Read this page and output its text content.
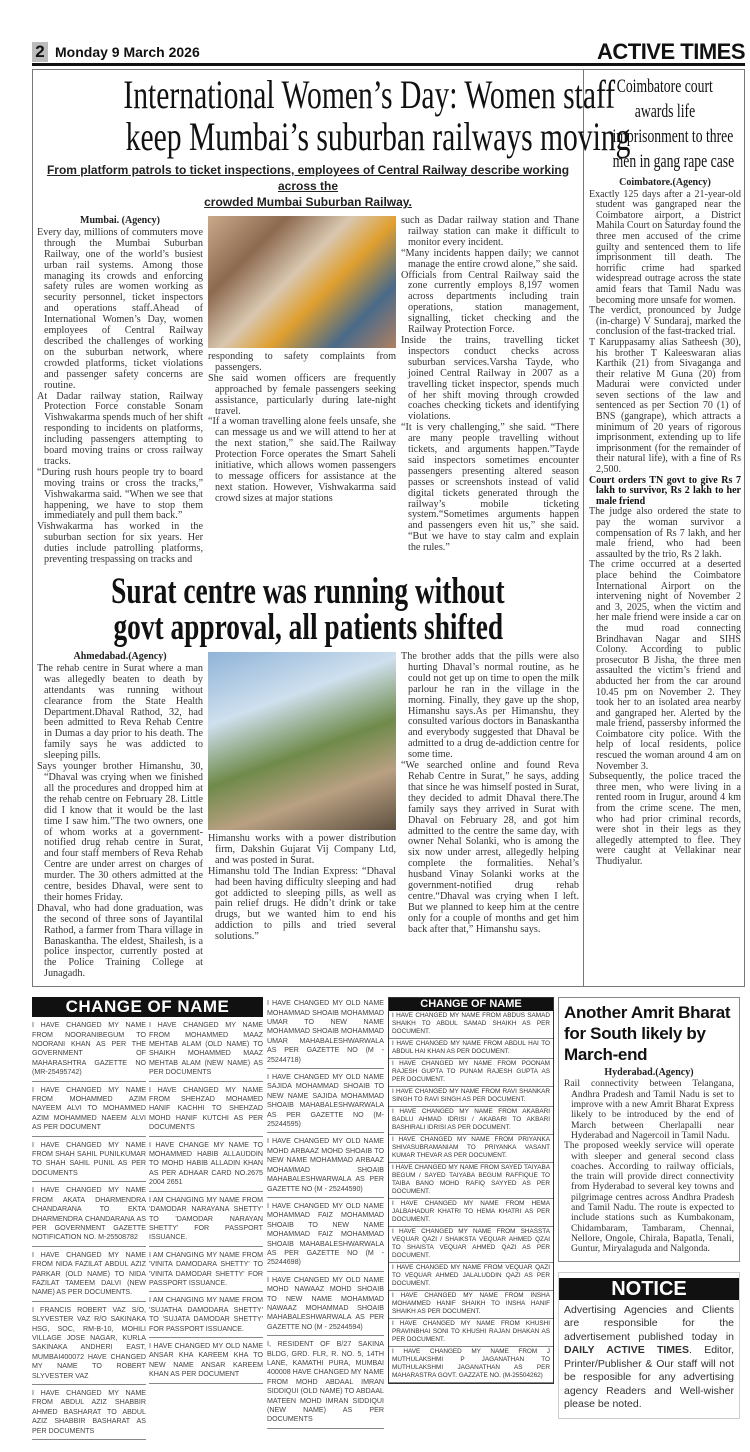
2 Monday 9 March 2026	ACTIVE TIMES
International Women’s Day: Women staff
keep Mumbai’s suburban railways moving
From platform patrols to ticket inspections, employees of Central Railway describe working across the
crowded Mumbai Suburban Railway.

Mumbai. (Agency)

Every day, millions of commuters move through the Mumbai Suburban Railway, one of the world’s busiest urban rail systems. Among those managing its crowds and enforcing safety rules are women working as security personnel, ticket inspectors and operations staff.Ahead of International Women’s Day, women employees of Central Railway described the challenges of working on the suburban network, where crowded platforms, ticket violations and passenger safety concerns are routine.

At Dadar railway station, Railway Protection Force constable Sonam Vishwakarma spends much of her shift responding to incidents on platforms, including passengers attempting to board moving trains or cross railway tracks.

“During rush hours people try to board moving trains or cross the tracks,” Vishwakarma said. “When we see that happening, we have to stop them immediately and pull them back.”

Vishwakarma has worked in the suburban section for six years. Her duties include patrolling platforms, preventing trespassing on tracks and

responding to safety complaints from passengers.

She said women officers are frequently approached by female passengers seeking assistance, particularly during late-night travel.

“If a woman travelling alone feels unsafe, she can message us and we will attend to her at the next station,” she said.The Railway Protection Force operates the Smart Saheli initiative, which allows women passengers to message officers for assistance at the next station. However, Vishwakarma said crowd sizes at major stations

such as Dadar railway station and Thane railway station can make it difficult to monitor every incident.

“Many incidents happen daily; we cannot manage the entire crowd alone,” she said.

Officials from Central Railway said the zone currently employs 8,197 women across departments including train operations, station management, signalling, ticket checking and the Railway Protection Force.

Inside the trains, travelling ticket inspectors conduct checks across suburban services.Varsha Tayde, who joined Central Railway in 2007 as a travelling ticket inspector, spends much of her shift moving through crowded coaches checking tickets and identifying violations.

“It is very challenging,” she said. “There are many people travelling without tickets, and arguments happen.”Tayde said inspectors sometimes encounter passengers presenting altered season passes or screenshots instead of valid digital tickets generated through the railway’s mobile ticketing system.“Sometimes arguments happen and passengers even hit us,” she said. “But we have to stay calm and explain the rules.”

Surat centre was running without
govt approval, all patients shifted

Ahmedabad.(Agency)

The rehab centre in Surat where a man was allegedly beaten to death by attendants was running without clearance from the State Health Department.Dhaval Rathod, 32, had been admitted to Reva Rehab Centre in Dumas a day prior to his death. The family says he was addicted to sleeping pills.

Says younger brother Himanshu, 30, “Dhaval was crying when we finished all the procedures and dropped him at the rehab centre on February 28. Little did I know that it would be the last time I saw him.”The two owners, one of whom works at a government-notified drug rehab centre in Surat, and four staff members of Reva Rehab Centre are under arrest on charges of murder. The 30 others admitted at the centre, besides Dhaval, were sent to their homes Friday.

Dhaval, who had done graduation, was the second of three sons of Jayantilal Rathod, a farmer from Thara village in Banaskantha. The eldest, Shailesh, is a police inspector, currently posted at the Police Training College at Junagadh.

Himanshu works with a power distribution firm, Dakshin Gujarat Vij Company Ltd, and was posted in Surat.

Himanshu told The Indian Express: “Dhaval had been having difficulty sleeping and had got addicted to sleeping pills, as well as pain relief drugs. He didn’t drink or take drugs, but we wanted him to end his addiction to pills and tried several solutions.”

The brother adds that the pills were also hurting Dhaval’s normal routine, as he could not get up on time to open the milk parlour he ran in the village in the morning. Finally, they gave up the shop, Himanshu says.As per Himanshu, they consulted various doctors in Banaskantha and everybody suggested that Dhaval be admitted to a drug de-addiction centre for some time.

“We searched online and found Reva Rehab Centre in Surat,” he says, adding that since he was himself posted in Surat, they decided to admit Dhaval there.The family says they arrived in Surat with Dhaval on February 28, and got him admitted to the centre the same day, with owner Nehal Solanki, who is among the six now under arrest, allegedly helping complete the formalities. Nehal’s husband Vinay Solanki works at the government-notified drug rehab centre.“Dhaval was crying when I left. But we planned to keep him at the centre only for a couple of months and get him back after that,” Himanshu says.

Coimbatore court
awards life
imprisonment to three
men in gang rape case

Coimbatore.(Agency)

Exactly 125 days after a 21-year-old student was gangraped near the Coimbatore airport, a District Mahila Court on Saturday found the three men accused of the crime guilty and sentenced them to life imprisonment till death. The horrific crime had sparked widespread outrage across the state amid fears that Tamil Nadu was becoming more unsafe for women.

The verdict, pronounced by Judge (in-charge) V Sundaraj, marked the conclusion of the fast-tracked trial.

T Karuppasamy alias Satheesh (30), his brother T Kaleeswaran alias Karthik (21) from Sivaganga and their relative M Guna (20) from Madurai were convicted under seven sections of the law and sentenced as per Section 70 (1) of BNS (gangrape), which attracts a minimum of 20 years of rigorous imprisonment, extending up to life imprisonment (for the remainder of their natural life), with a fine of Rs 2,500.

Court orders TN govt to give Rs 7 lakh to survivor, Rs 2 lakh to her male friend

The judge also ordered the state to pay the woman survivor a compensation of Rs 7 lakh, and her male friend, who had been assaulted by the trio, Rs 2 lakh.

The crime occurred at a deserted place behind the Coimbatore International Airport on the intervening night of November 2 and 3, 2025, when the victim and her male friend were inside a car on the mud road connecting Brindhavan Nagar and SIHS Colony. According to public prosecutor B Jisha, the three men assaulted the victim’s friend and abducted her from the car around 10.45 pm on November 2. They took her to an isolated area nearby and gangraped her. Alerted by the male friend, passersby informed the Coimbatore city police. With the help of local residents, police rescued the woman around 4 am on November 3.

Subsequently, the police traced the three men, who were living in a rented room in Irugur, around 4 km from the crime scene. The men, who had prior criminal records, were shot in their legs as they allegedly attempted to flee. They were caught at Vellakinar near Thudiyalur.

CHANGE OF NAME

I HAVE CHANGED MY NAME FROM NOORANIBEGUM TO NOORANI KHAN AS PER THE GOVERNMENT OF MAHARASHTRA GAZETTE NO (MR-25495742)

I HAVE CHANGED MY NAME FROM MOHAMMED AZIM NAYEEM ALVI TO MOHAMMED AZIM MOHAMMED NAEEM ALVI AS PER DOCUMENT

I HAVE CHANGED MY NAME FROM SHAH SAHIL PUNILKUMAR TO SHAH SAHIL PUNIL AS PER DOCUMENTS

I HAVE CHANGED MY NAME FROM AKATA DHARMENDRA CHANDARANA TO EKTA DHARMENDRA CHANDARANA AS PER GOVERNMENT GAZETTE NOTIFICATION NO. M-25508782

I HAVE CHANGED MY NAME FROM NIDA FAZILAT ABDUL AZIZ PARKAR (OLD NAME) TO NIDA FAZILAT TAMEEM DALVI (NEW NAME) AS PER DOCUMENTS.

I FRANCIS ROBERT VAZ S/O, SLYVESTER VAZ R/O SAKINAKA HSG, SOC, RM-B-10, MOHILI VILLAGE JOSE NAGAR, KURLA SAKINAKA ANDHERI EAST, MUMBAI400072 HAVE CHANGED MY NAME TO ROBERT SLYVESTER VAZ

I HAVE CHANGED MY NAME FROM ABDUL AZIZ SHABBIR AHMED BASHARAT TO ABDUL AZIZ SHABBIR BASHARAT AS PER DOCUMENTS

I HAVE CHANGED MY NAME FROM MOHAMMED MAAZ MEHTAB ALAM (OLD NAME) TO SHAIKH MOHAMMED MAAZ MEHTAB ALAM (NEW NAME) AS PER DOCUMENTS

I HAVE CHANGED MY NAME FROM SHEHZAD MOHAMED HANIF KACHHI TO SHEHZAD MOHD HANIF KUTCHI AS PER DOCUMENTS

I HAVE CHANGE MY NAME TO MOHAMMED HABIB ALLAUDDIN TO MOHD HABIB ALLADIN KHAN AS PER ADHAAR CARD NO.2675 2004 2651

I AM CHANGING MY NAME FROM 'DAMODAR NARAYANA SHETTY' TO 'DAMODAR NARAYAN SHETTY' FOR PASSPORT ISSUANCE.

I AM CHANGING MY NAME FROM 'VINITA DAMODARA SHETTY' TO 'VINITA DAMODAR SHETTY' FOR PASSPORT ISSUANCE.

I AM CHANGING MY NAME FROM 'SUJATHA DAMODARA SHETTY' TO 'SUJATA DAMODAR SHETTY' FOR PASSPORT ISSUANCE.

I HAVE CHANGED MY OLD NAME ANSAR KHA KAREEM KHA TO NEW NAME ANSAR KAREEM KHAN AS PER DOCUMENT

I HAVE CHANGED MY OLD NAME MOHAMMAD SHOAIB MOHAMMAD UMAR TO NEW NAME MOHAMMAD SHOAIB MOHAMMAD UMAR MAHABALESHWARWALA AS PER GAZETTE NO (M - 25244718)

I HAVE CHANGED MY OLD NAME SAJIDA MOHAMMAD SHOAIB TO NEW NAME SAJIDA MOHAMMAD SHOAIB MAHABALESHWARWALA AS PER GAZETTE NO (M-25244595)

I HAVE CHANGED MY OLD NAME MOHD ARBAAZ MOHD SHOAIB TO NEW NAME MOHAMMAD ARBAAZ MOHAMMAD SHOAIB MAHABALESHWARWALA AS PER GAZETTE NO (M - 25244590)

I HAVE CHANGED MY OLD NAME MOHAMMAD FAIZ MOHAMMAD SHOAIB TO NEW NAME MOHAMMAD FAIZ MOHAMMAD SHOAIB MAHABALESHWARWALA AS PER GAZETTE NO (M - 25244698)

I HAVE CHANGED MY OLD NAME MOHD NAWAAZ MOHD SHOAIB TO NEW NAME MOHAMMAD NAWAAZ MOHAMMAD SHOAIB MAHABALESHWARWALA AS PER GAZETTE NO (M - 25244594)

I, RESIDENT OF B/27 SAKINA BLDG, GRD. FLR, R. NO. 5, 14TH LANE, KAMATHI PURA, MUMBAI 400008 HAVE CHANGED MY NAME FROM MOHD ABDAAL IMRAN SIDDIQUI (OLD NAME) TO ABDAAL MATEEN MOHD IMRAN SIDDIQUI (NEW NAME) AS PER DOCUMENTS

CHANGE OF NAME

I HAVE CHANGED MY NAME FROM ABDUS SAMAD SHAIKH TO ABDUL SAMAD SHAIKH AS PER DOCUMENT.

I HAVE CHANGED MY NAME FROM ABDUL HAI TO ABDUL HAI KHAN AS PER DOCUMENT.

I HAVE CHANGED MY NAME FROM POONAM RAJESH GUPTA TO PUNAM RAJESH GUPTA AS PER DOCUMENT.

I HAVE CHANGED MY NAME FROM RAVI SHANKAR SINGH TO RAVI SINGH AS PER DOCUMENT.

I HAVE CHANGED MY NAME FROM AKABARI BADLU AHMAD IDRISI / AKABARI TO AKBARI BASHIRALI IDRISI AS PER DOCUMENT.

I HAVE CHANGED MY NAME FROM PRIYANKA SHIVASUBRAMANIAM TO PRIYANKA VASANT KUMAR THEVAR AS PER DOCUMENT.

I HAVE CHANGED MY NAME FROM SAYED TAIYABA BEGUM / SAYED TAIYABA BEGUM RAFFIQUE TO TAIBA BANO MOHD RAFIQ SAYYED AS PER DOCUMENT.

I HAVE CHANGED MY NAME FROM HEMA JALBAHADUR KHATRI TO HEMA KHATRI AS PER DOCUMENT.

I HAVE CHANGED MY NAME FROM SHASSTA VEQUAR QAZI / SHAIKSTA VEQUAR AHMED QZAI TO SHAISTA VEQUAR AHMED QAZI AS PER DOCUMENT.

I HAVE CHANGED MY NAME FROM VEQUAR QAZI TO VEQUAR AHMED JALALUDDIN QAZI AS PER DOCUMENT.

I HAVE CHANGED MY NAME FROM INSHA MOHAMMED HANIF SHAIKH TO INSHA HANIF SHAIKH AS PER DOCUMENT.

I HAVE CHANGED MY NAME FROM KHUSHI PRAVINBHAI SONI TO KHUSHI RAJAN DHAKAN AS PER DOCUMENT.

I HAVE CHANGED MY NAME FROM J MUTHULAKSHMI P JAGANATHAN TO MUTHULAKSHMI JAGANATHAN AS PER MAHARASTRA GOVT. GAZZATE NO. (M-25504262)

Another Amrit Bharat for South likely by March-end

Hyderabad.(Agency)

Rail connectivity between Telangana, Andhra Pradesh and Tamil Nadu is set to improve with a new Amrit Bharat Express likely to be introduced by the end of March between Cherlapalli near Hyderabad and Nagercoil in Tamil Nadu.

The proposed weekly service will operate with sleeper and general second class coaches. According to railway officials, the train will provide direct connectivity from Hyderabad to several key towns and pilgrimage centres across Andhra Pradesh and Tamil Nadu. The route is expected to include stations such as Kumbakonam, Chidambaram, Tambaram, Chennai, Nellore, Ongole, Chirala, Bapatla, Tenali, Guntur, Miryalaguda and Nalgonda.

NOTICE
Advertising Agencies and Clients are responsible for the advertisement published today in DAILY ACTIVE TIMES. Editor, Printer/Publisher & Our staff will not be resposible for any advertising agency Readers and Well-wisher please be noted.
